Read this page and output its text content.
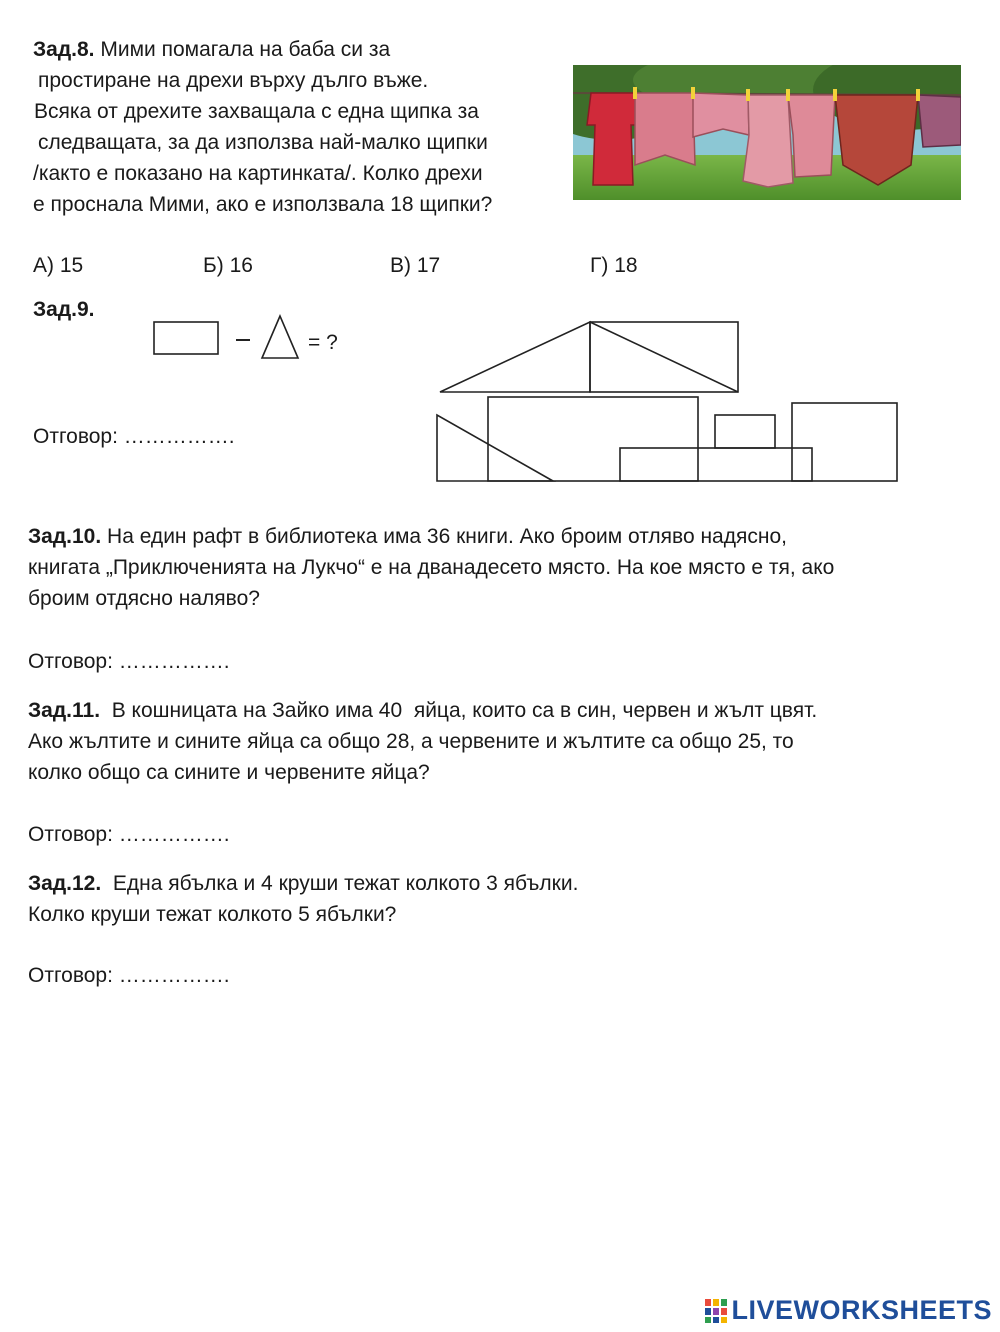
Зад.8. Мими помагала на баба си за
простиране на дрехи върху дълго въже.
Всяка от дрехите захващала с една щипка за
следващата, за да използва най-малко щипки
/както е показано на картинката/. Колко дрехи
е проснала Мими, ако е използвала 18 щипки?
А) 15	Б) 16	В) 17	Г) 18
Зад.9.
= ?
Отговор: …………….
Зад.10. На един рафт в библиотека има 36 книги. Ако броим отляво надясно,
книгата „Приключенията на Лукчо“ е на дванадесето място. На кое място е тя, ако
броим отдясно наляво?
Отговор: …………….
Зад.11.  В кошницата на Зайко има 40  яйца, които са в син, червен и жълт цвят.
Ако жълтите и сините яйца са общо 28, а червените и жълтите са общо 25, то
колко общо са сините и червените яйца?
Отговор: …………….
Зад.12.  Една ябълка и 4 круши тежат колкото 3 ябълки.
Колко круши тежат колкото 5 ябълки?
Отговор: …………….
LIVEWORKSHEETS
